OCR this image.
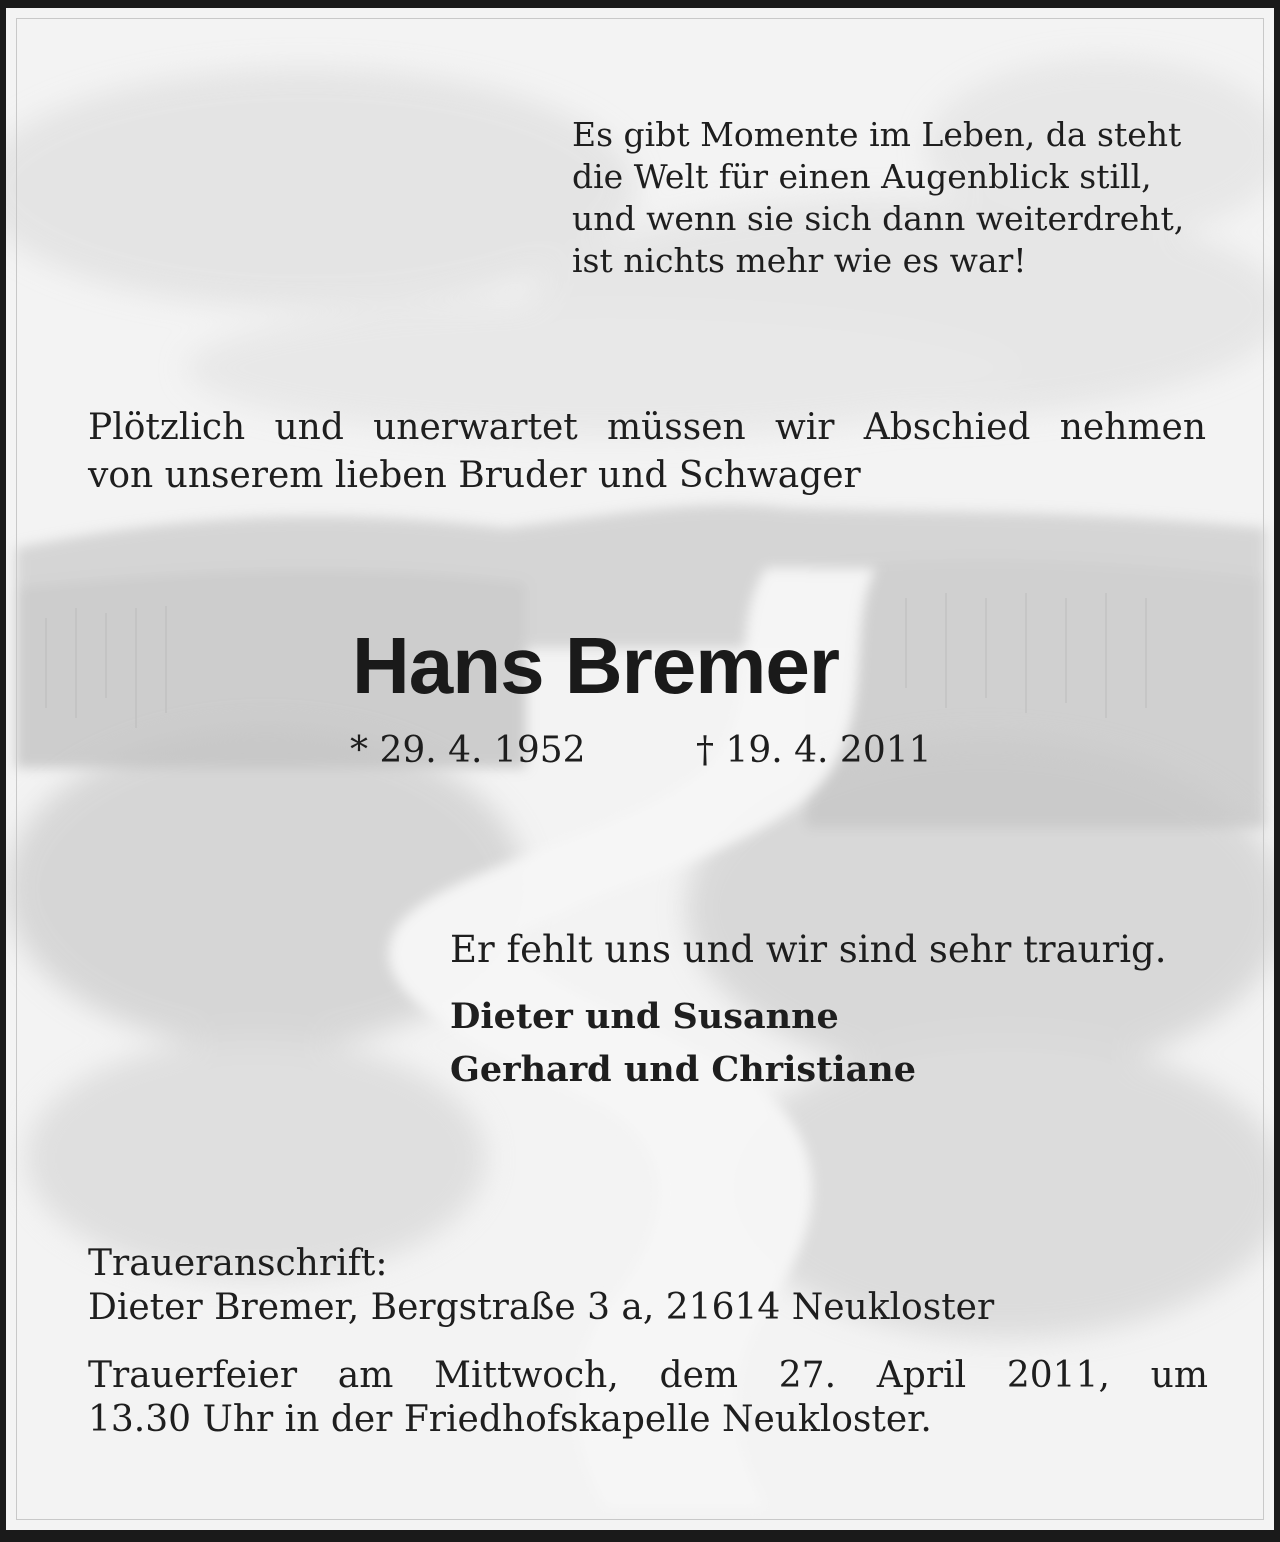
Es gibt Momente im Leben, da steht
die Welt für einen Augenblick still,
und wenn sie sich dann weiterdreht,
ist nichts mehr wie es war!
Plötzlich und unerwartet müssen wir Abschied nehmen
von unserem lieben Bruder und Schwager
Hans Bremer
* 29. 4. 1952	† 19. 4. 2011
Er fehlt uns und wir sind sehr traurig.
Dieter und Susanne
Gerhard und Christiane
Traueranschrift:
Dieter Bremer, Bergstraße 3 a, 21614 Neukloster
Trauerfeier am Mittwoch, dem 27. April 2011, um
13.30 Uhr in der Friedhofskapelle Neukloster.
